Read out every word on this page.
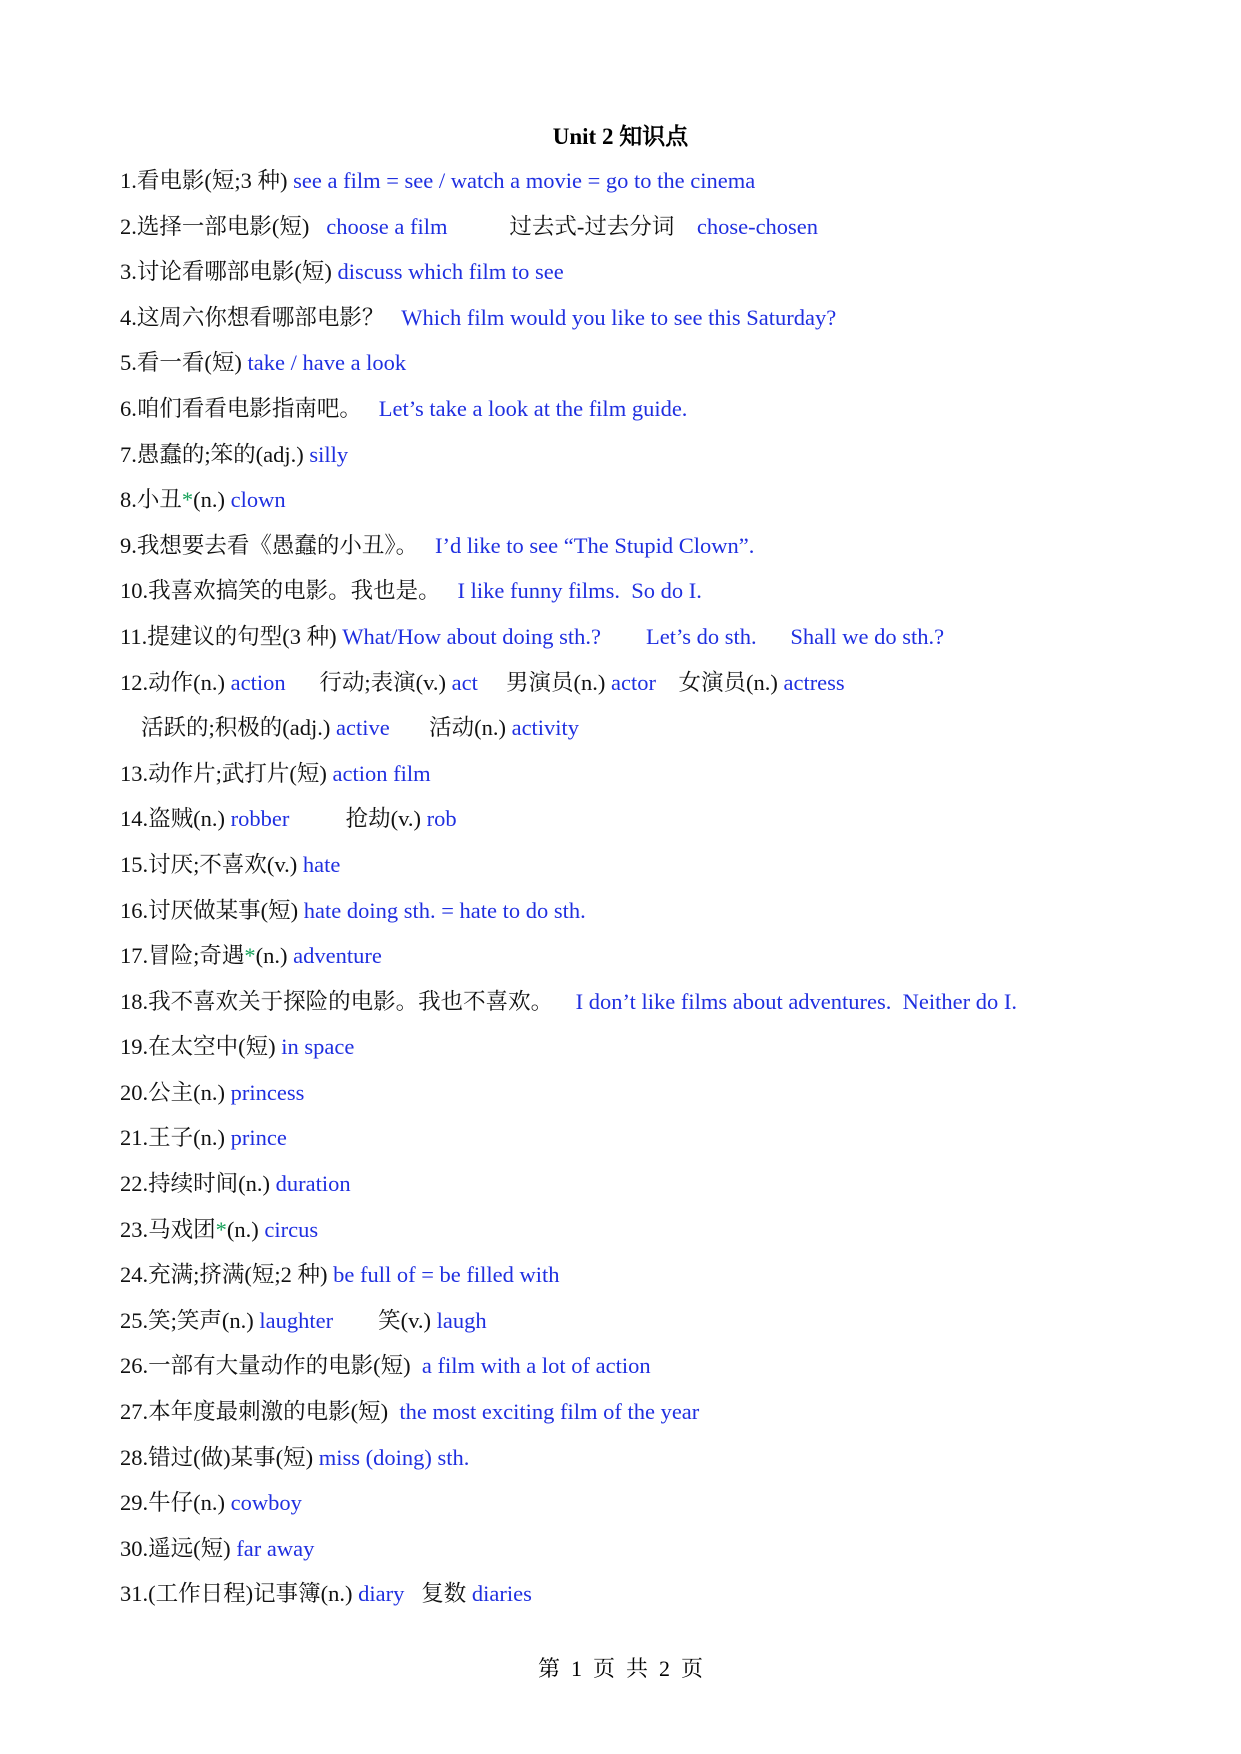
Unit 2 知识点
1.看电影(短;3 种) see a film = see / watch a movie = go to the cinema
2.选择一部电影(短)   choose a film           过去式-过去分词    chose-chosen
3.讨论看哪部电影(短) discuss which film to see
4.这周六你想看哪部电影？   Which film would you like to see this Saturday?
5.看一看(短) take / have a look
6.咱们看看电影指南吧。   Let’s take a look at the film guide.
7.愚蠢的;笨的(adj.) silly
8.小丑*(n.) clown
9.我想要去看《愚蠢的小丑》。   I’d like to see “The Stupid Clown”.
10.我喜欢搞笑的电影。我也是。   I like funny films.  So do I.
11.提建议的句型(3 种) What/How about doing sth.? Let’s do sth. Shall we do sth.?
12.动作(n.) action      行动;表演(v.) act     男演员(n.) actor    女演员(n.) actress
活跃的;积极的(adj.) active       活动(n.) activity
13.动作片;武打片(短) action film
14.盗贼(n.) robber          抢劫(v.) rob
15.讨厌;不喜欢(v.) hate
16.讨厌做某事(短) hate doing sth. = hate to do sth.
17.冒险;奇遇*(n.) adventure
18.我不喜欢关于探险的电影。我也不喜欢。    I don’t like films about adventures.  Neither do I.
19.在太空中(短) in space
20.公主(n.) princess
21.王子(n.) prince
22.持续时间(n.) duration
23.马戏团*(n.) circus
24.充满;挤满(短;2 种) be full of = be filled with
25.笑;笑声(n.) laughter        笑(v.) laugh
26.一部有大量动作的电影(短)  a film with a lot of action
27.本年度最刺激的电影(短)  the most exciting film of the year
28.错过(做)某事(短) miss (doing) sth.
29.牛仔(n.) cowboy
30.遥远(短) far away
31.(工作日程)记事簿(n.) diary   复数 diaries
第  1  页  共  2  页
